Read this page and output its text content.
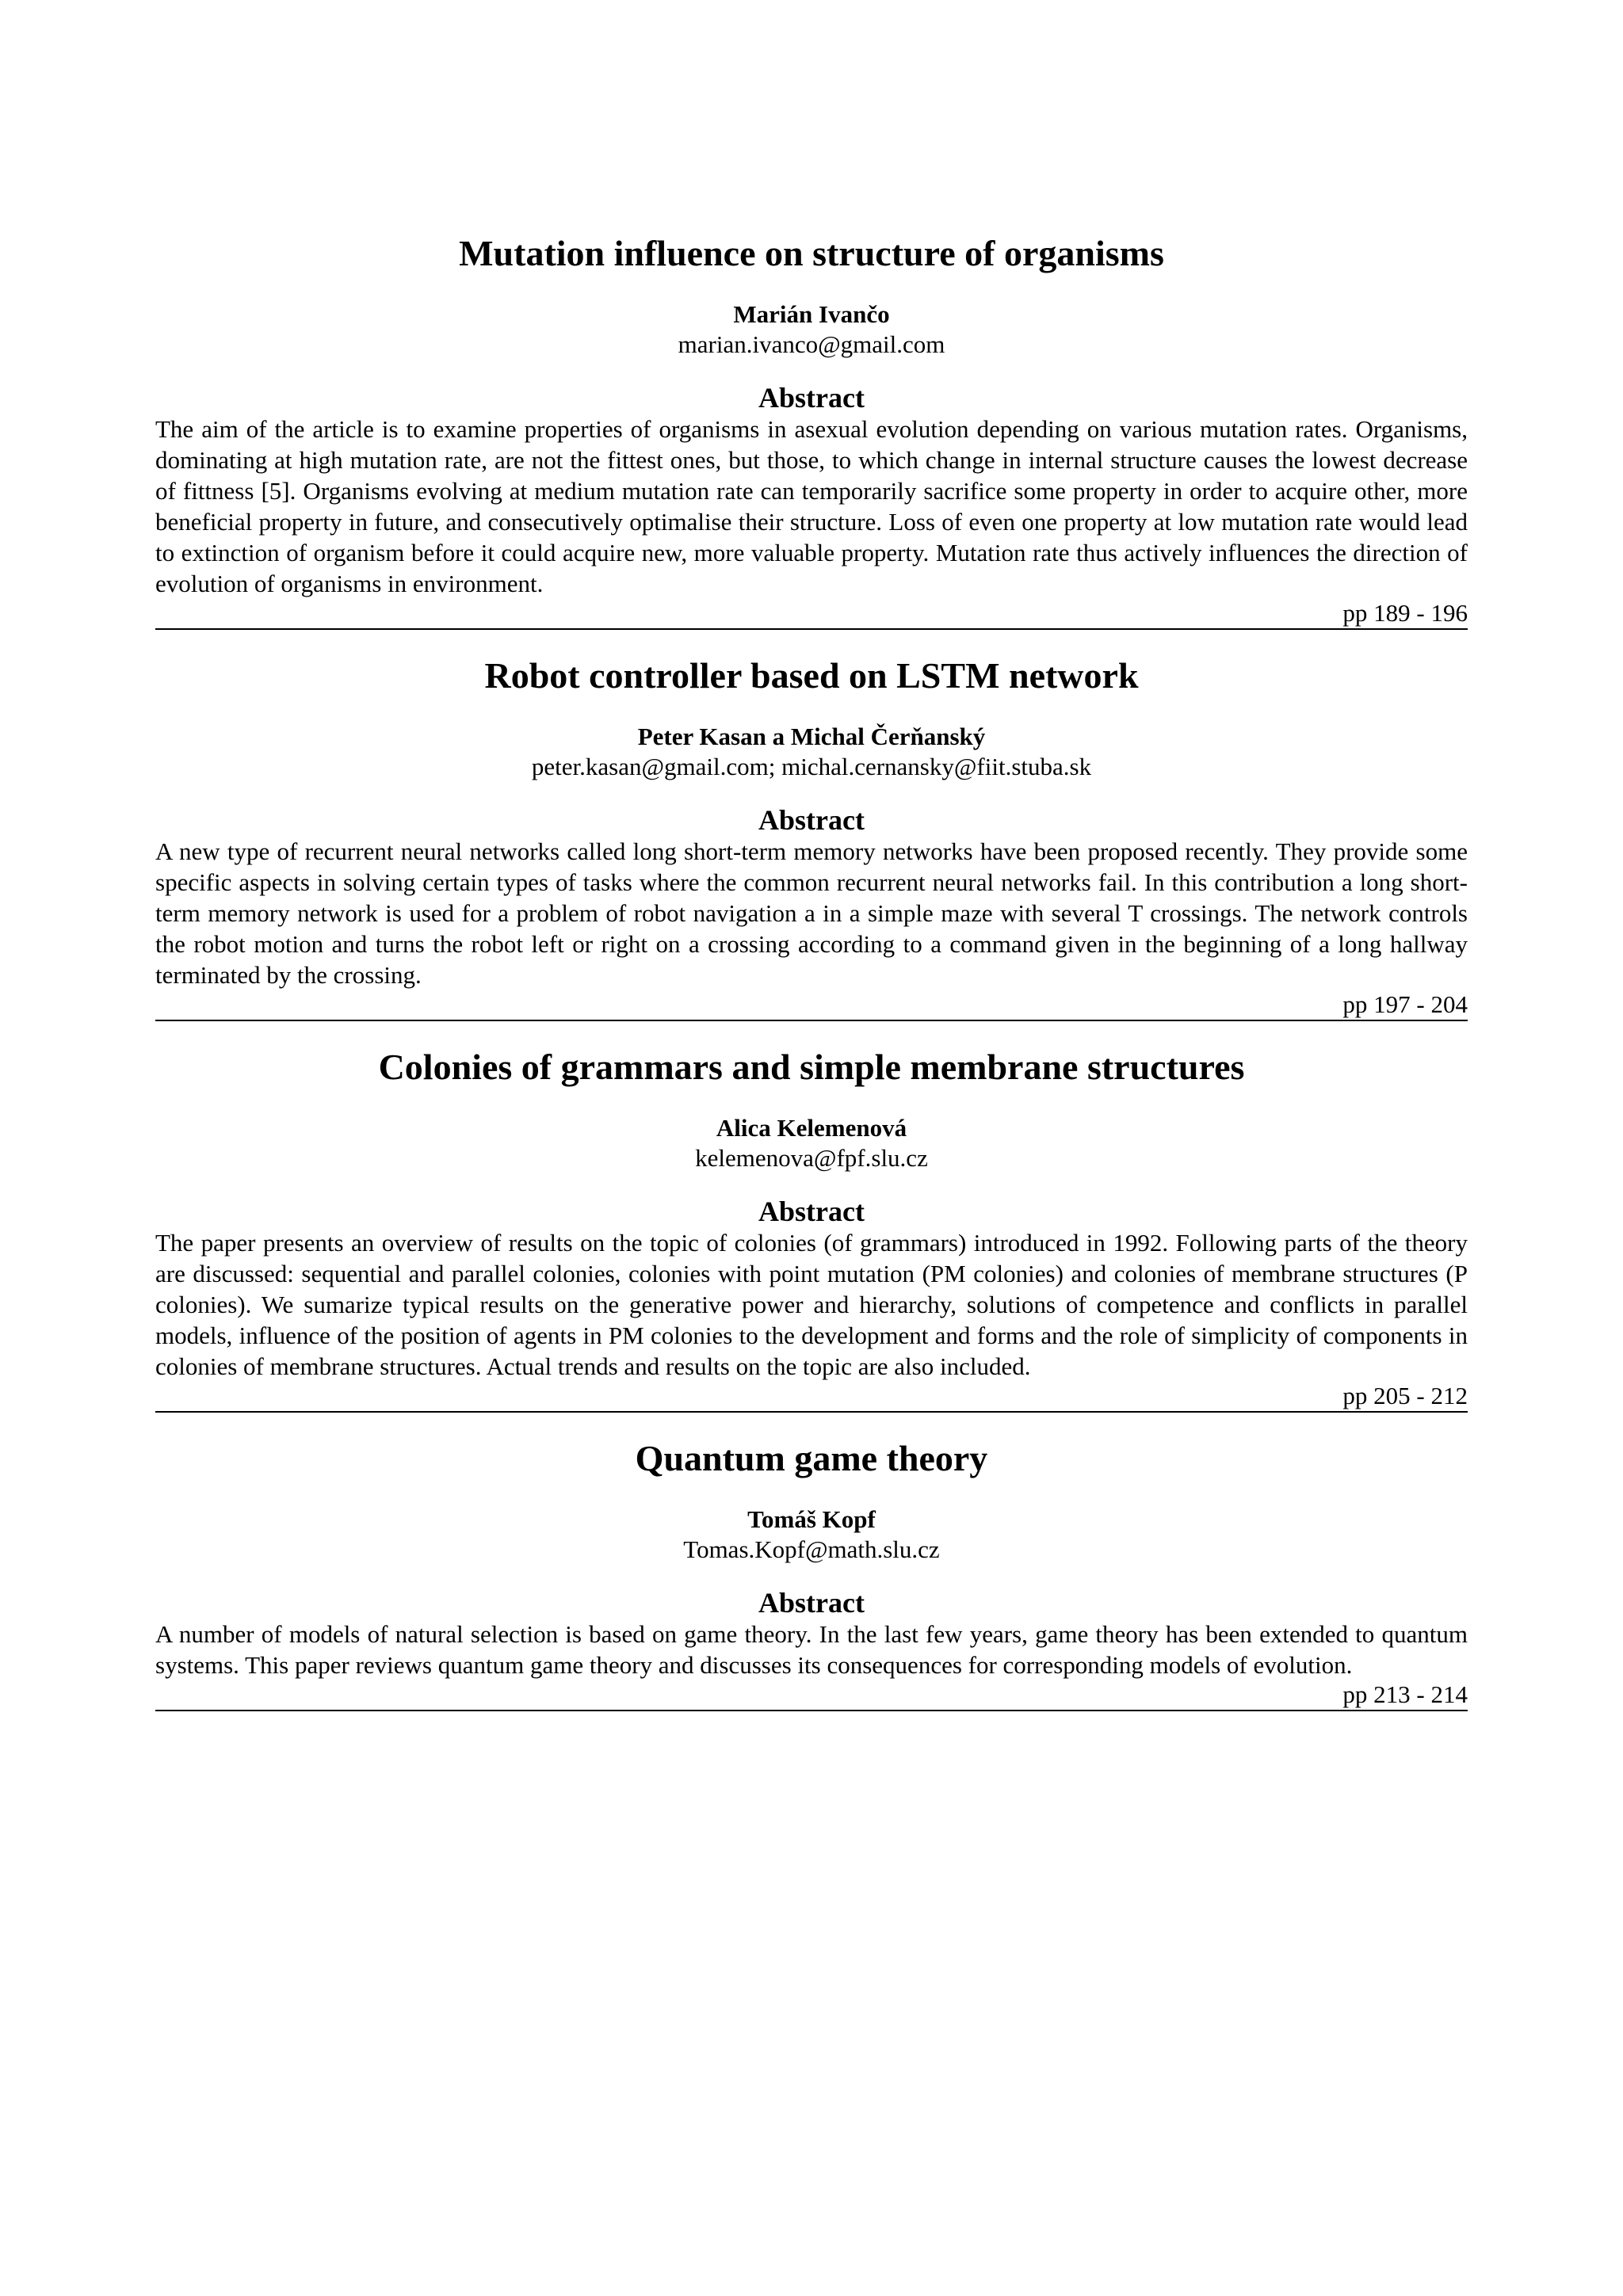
Mutation influence on structure of organisms
Marián Ivančo
marian.ivanco@gmail.com
Abstract

The aim of the article is to examine properties of organisms in asexual evolution depending on various mutation rates. Organisms, dominating at high mutation rate, are not the fittest ones, but those, to which change in internal structure causes the lowest decrease of fittness [5]. Organisms evolving at medium mutation rate can temporarily sacrifice some property in order to acquire other, more beneficial property in future, and consecutively optimalise their structure. Loss of even one property at low mutation rate would lead to extinction of organism before it could acquire new, more valuable property. Mutation rate thus actively influences the direction of evolution of organisms in environment.

pp 189 - 196
Robot controller based on LSTM network
Peter Kasan a Michal Čerňanský
peter.kasan@gmail.com; michal.cernansky@fiit.stuba.sk
Abstract

A new type of recurrent neural networks called long short-term memory networks have been proposed recently. They provide some specific aspects in solving certain types of tasks where the common recurrent neural networks fail. In this contribution a long short-term memory network is used for a problem of robot navigation a in a simple maze with several T crossings. The network controls the robot motion and turns the robot left or right on a crossing according to a command given in the beginning of a long hallway terminated by the crossing.

pp 197 - 204
Colonies of grammars and simple membrane structures
Alica Kelemenová
kelemenova@fpf.slu.cz
Abstract

The paper presents an overview of results on the topic of colonies (of grammars) introduced in 1992. Following parts of the theory are discussed: sequential and parallel colonies, colonies with point mutation (PM colonies) and colonies of membrane structures (P colonies). We sumarize typical results on the generative power and hierarchy, solutions of competence and conflicts in parallel models, influence of the position of agents in PM colonies to the development and forms and the role of simplicity of components in colonies of membrane structures. Actual trends and results on the topic are also included.

pp 205 - 212
Quantum game theory
Tomáš Kopf
Tomas.Kopf@math.slu.cz
Abstract

A number of models of natural selection is based on game theory. In the last few years, game theory has been extended to quantum systems. This paper reviews quantum game theory and discusses its consequences for corresponding models of evolution.

pp 213 - 214
